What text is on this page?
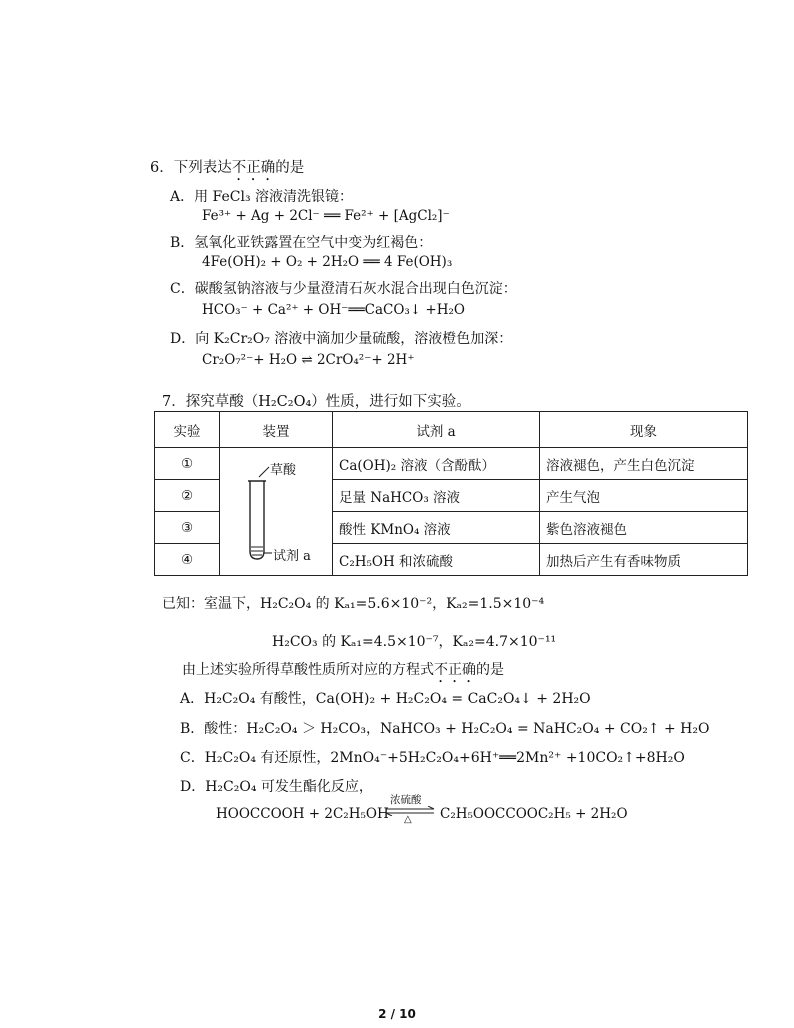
6．下列表达不正确的是
A．用 FeCl₃ 溶液清洗银镜：
Fe³⁺ + Ag + 2Cl⁻ ══ Fe²⁺ + [AgCl₂]⁻
B．氢氧化亚铁露置在空气中变为红褐色：
4Fe(OH)₂ + O₂ + 2H₂O ══ 4 Fe(OH)₃
C．碳酸氢钠溶液与少量澄清石灰水混合出现白色沉淀：
HCO₃⁻ + Ca²⁺ + OH⁻══CaCO₃↓ +H₂O
D．向 K₂Cr₂O₇ 溶液中滴加少量硫酸，溶液橙色加深：
Cr₂O₇²⁻+ H₂O ⇌ 2CrO₄²⁻+ 2H⁺
7．探究草酸（H₂C₂O₄）性质，进行如下实验。
实验	装置	试剂 a	现象
①		Ca(OH)₂ 溶液（含酚酞）	溶液褪色，产生白色沉淀
②		足量 NaHCO₃ 溶液	产生气泡
③		酸性 KMnO₄ 溶液	紫色溶液褪色
④		C₂H₅OH 和浓硫酸	加热后产生有香味物质
草酸
试剂 a
已知：室温下，H₂C₂O₄ 的 Kₐ₁=5.6×10⁻²，Kₐ₂=1.5×10⁻⁴
H₂CO₃ 的 Kₐ₁=4.5×10⁻⁷，Kₐ₂=4.7×10⁻¹¹
由上述实验所得草酸性质所对应的方程式不正确的是
A．H₂C₂O₄ 有酸性，Ca(OH)₂ + H₂C₂O₄ = CaC₂O₄↓ + 2H₂O
B．酸性：H₂C₂O₄ ＞ H₂CO₃，NaHCO₃ + H₂C₂O₄ = NaHC₂O₄ + CO₂↑ + H₂O
C．H₂C₂O₄ 有还原性，2MnO₄⁻+5H₂C₂O₄+6H⁺══2Mn²⁺ +10CO₂↑+8H₂O
D．H₂C₂O₄ 可发生酯化反应，
HOOCCOOH + 2C₂H₅OH
浓硫酸
△ C₂H₅OOCCOOC₂H₅ + 2H₂O
2 / 10
